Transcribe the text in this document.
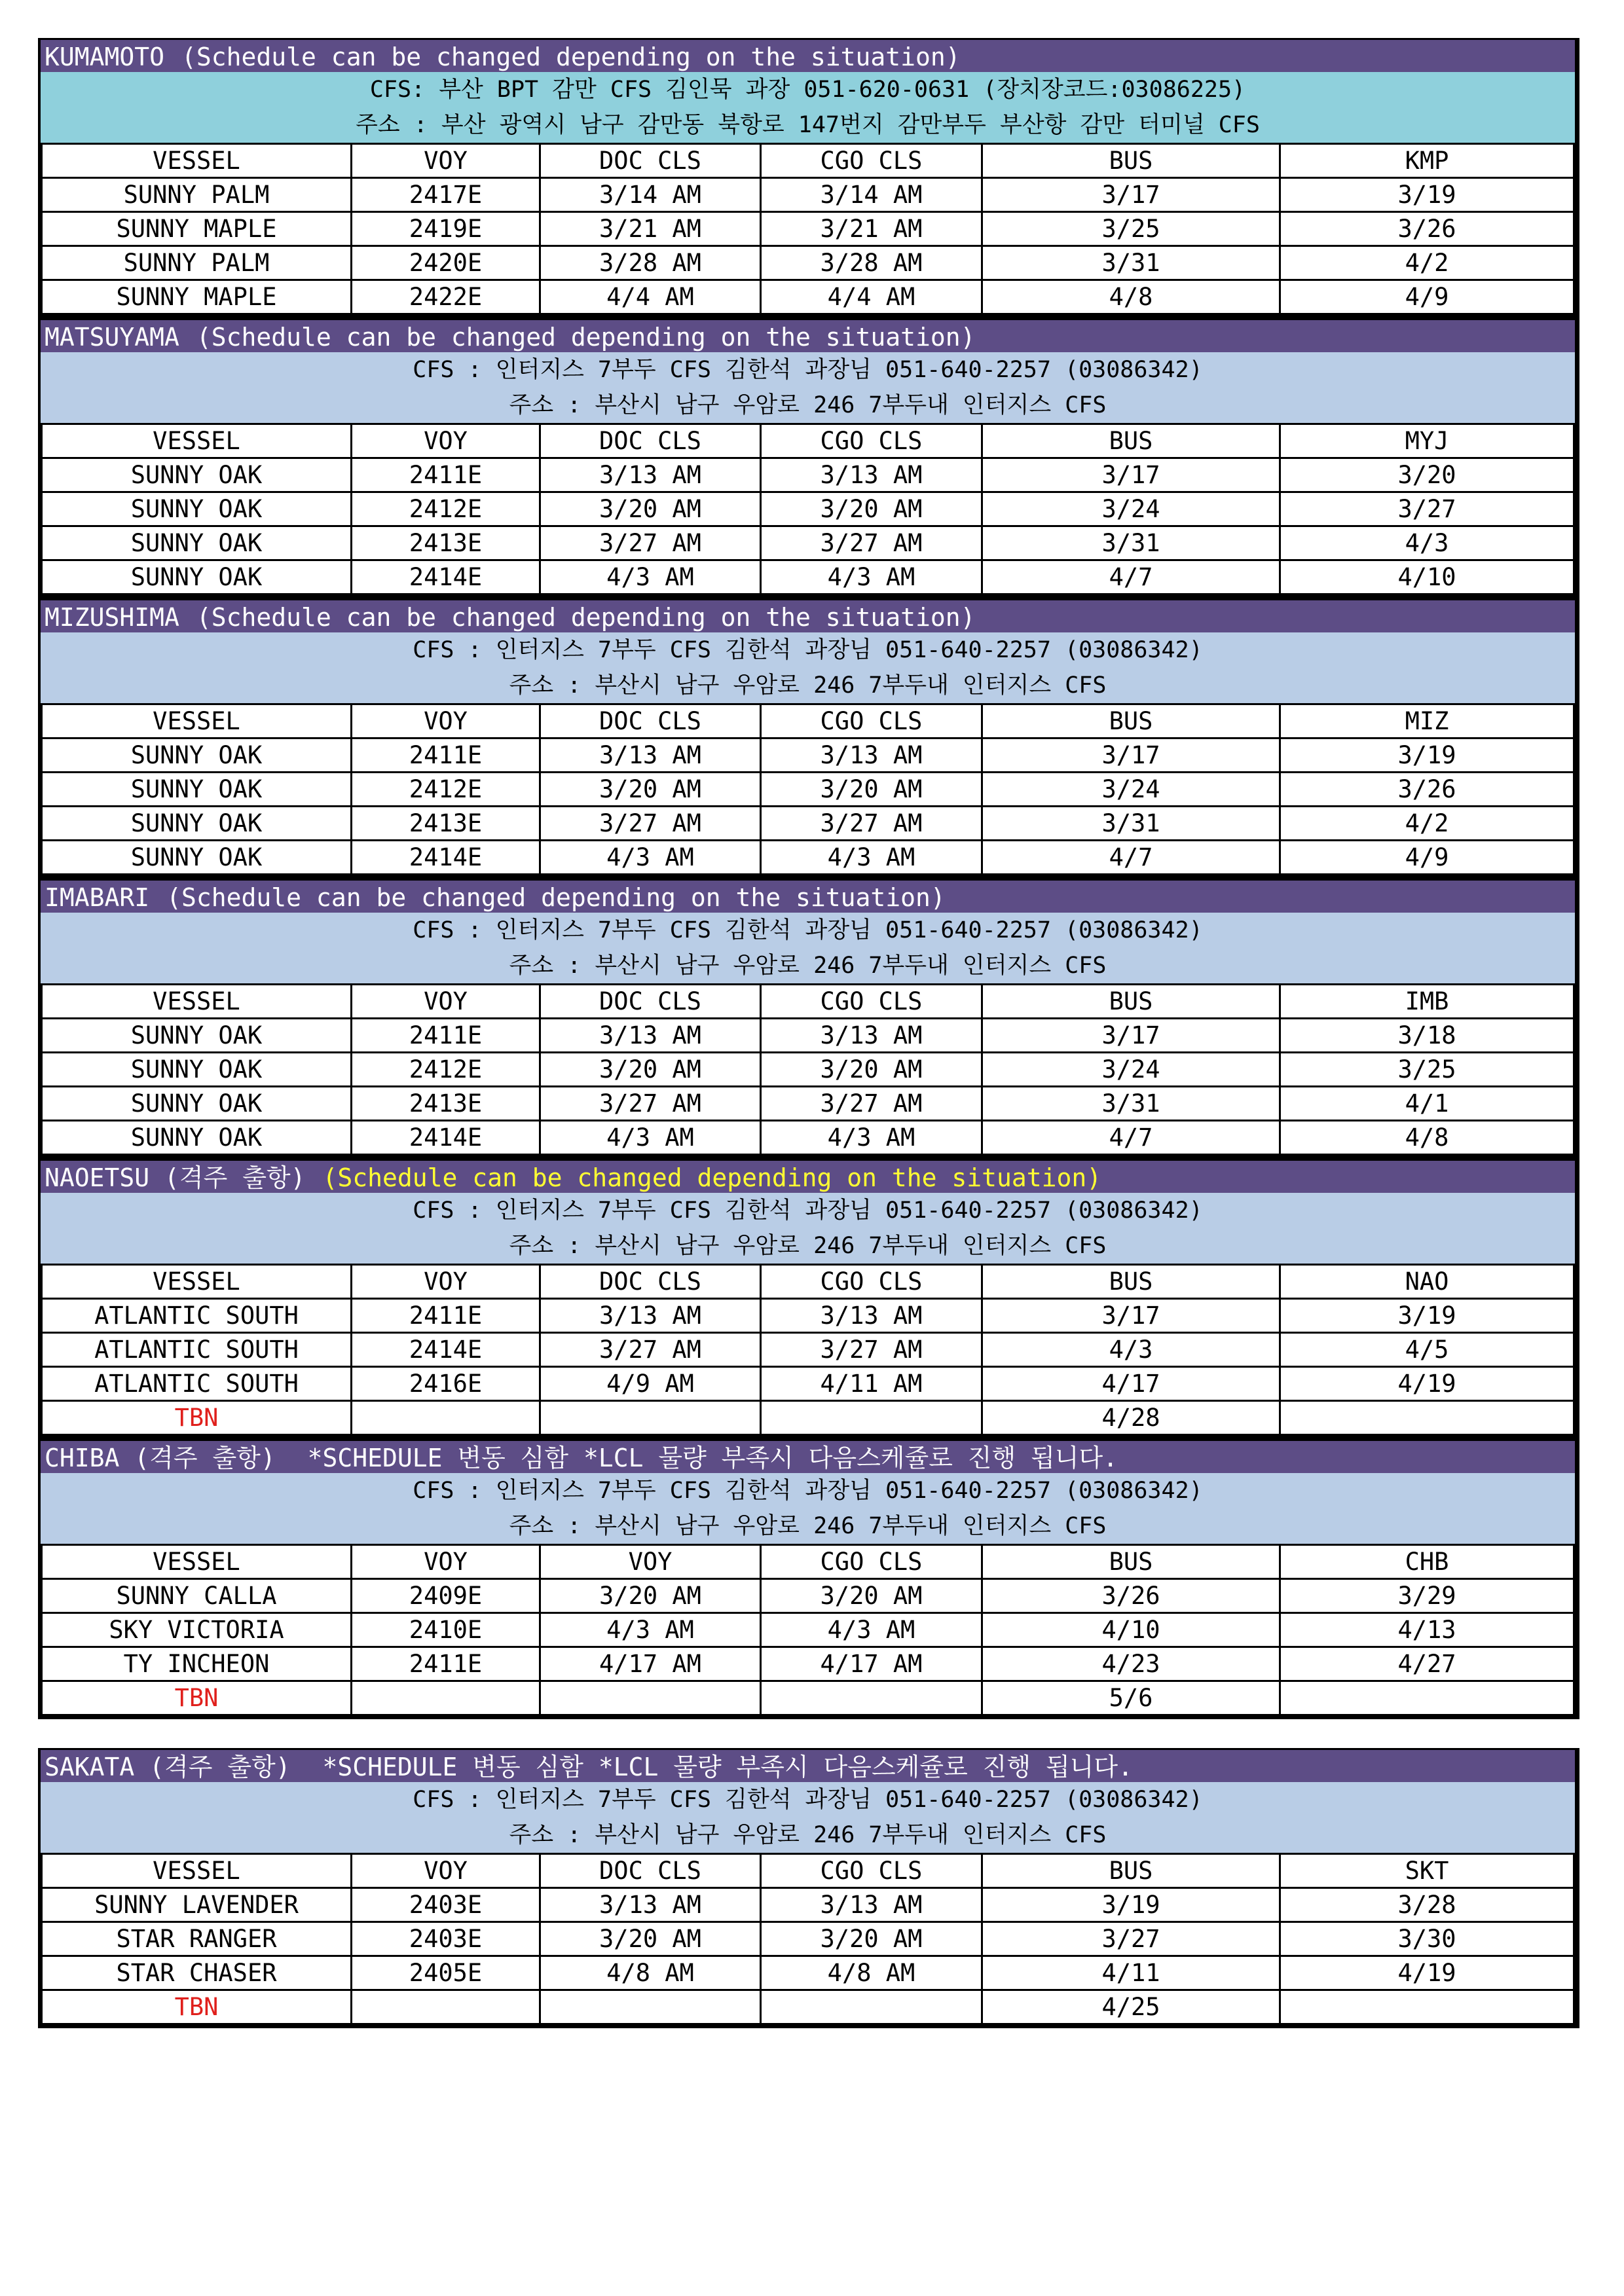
KUMAMOTO (Schedule can be changed depending on the situation)
CFS: 부산 BPT 감만 CFS 김인묵 과장 051-620-0631 (장치장코드:03086225)
주소 : 부산 광역시 남구 감만동 북항로 147번지 감만부두 부산항 감만 터미널 CFS
VESSEL	VOY	DOC CLS	CGO CLS	BUS	KMP
SUNNY PALM	2417E	3/14 AM	3/14 AM	3/17	3/19
SUNNY MAPLE	2419E	3/21 AM	3/21 AM	3/25	3/26
SUNNY PALM	2420E	3/28 AM	3/28 AM	3/31	4/2
SUNNY MAPLE	2422E	4/4 AM	4/4 AM	4/8	4/9
MATSUYAMA (Schedule can be changed depending on the situation)
CFS : 인터지스 7부두 CFS 김한석 과장님 051-640-2257 (03086342)
주소 : 부산시 남구 우암로 246 7부두내 인터지스 CFS
VESSEL	VOY	DOC CLS	CGO CLS	BUS	MYJ
SUNNY OAK	2411E	3/13 AM	3/13 AM	3/17	3/20
SUNNY OAK	2412E	3/20 AM	3/20 AM	3/24	3/27
SUNNY OAK	2413E	3/27 AM	3/27 AM	3/31	4/3
SUNNY OAK	2414E	4/3 AM	4/3 AM	4/7	4/10
MIZUSHIMA (Schedule can be changed depending on the situation)
CFS : 인터지스 7부두 CFS 김한석 과장님 051-640-2257 (03086342)
주소 : 부산시 남구 우암로 246 7부두내 인터지스 CFS
VESSEL	VOY	DOC CLS	CGO CLS	BUS	MIZ
SUNNY OAK	2411E	3/13 AM	3/13 AM	3/17	3/19
SUNNY OAK	2412E	3/20 AM	3/20 AM	3/24	3/26
SUNNY OAK	2413E	3/27 AM	3/27 AM	3/31	4/2
SUNNY OAK	2414E	4/3 AM	4/3 AM	4/7	4/9
IMABARI (Schedule can be changed depending on the situation)
CFS : 인터지스 7부두 CFS 김한석 과장님 051-640-2257 (03086342)
주소 : 부산시 남구 우암로 246 7부두내 인터지스 CFS
VESSEL	VOY	DOC CLS	CGO CLS	BUS	IMB
SUNNY OAK	2411E	3/13 AM	3/13 AM	3/17	3/18
SUNNY OAK	2412E	3/20 AM	3/20 AM	3/24	3/25
SUNNY OAK	2413E	3/27 AM	3/27 AM	3/31	4/1
SUNNY OAK	2414E	4/3 AM	4/3 AM	4/7	4/8
NAOETSU (격주 출항) (Schedule can be changed depending on the situation)
CFS : 인터지스 7부두 CFS 김한석 과장님 051-640-2257 (03086342)
주소 : 부산시 남구 우암로 246 7부두내 인터지스 CFS
VESSEL	VOY	DOC CLS	CGO CLS	BUS	NAO
ATLANTIC SOUTH	2411E	3/13 AM	3/13 AM	3/17	3/19
ATLANTIC SOUTH	2414E	3/27 AM	3/27 AM	4/3	4/5
ATLANTIC SOUTH	2416E	4/9 AM	4/11 AM	4/17	4/19
TBN				4/28	
CHIBA (격주 출항) *SCHEDULE 변동 심함 *LCL 물량 부족시 다음스케쥴로 진행 됩니다.
CFS : 인터지스 7부두 CFS 김한석 과장님 051-640-2257 (03086342)
주소 : 부산시 남구 우암로 246 7부두내 인터지스 CFS
VESSEL	VOY	VOY	CGO CLS	BUS	CHB
SUNNY CALLA	2409E	3/20 AM	3/20 AM	3/26	3/29
SKY VICTORIA	2410E	4/3 AM	4/3 AM	4/10	4/13
TY INCHEON	2411E	4/17 AM	4/17 AM	4/23	4/27
TBN				5/6	
SAKATA (격주 출항) *SCHEDULE 변동 심함 *LCL 물량 부족시 다음스케쥴로 진행 됩니다.
CFS : 인터지스 7부두 CFS 김한석 과장님 051-640-2257 (03086342)
주소 : 부산시 남구 우암로 246 7부두내 인터지스 CFS
VESSEL	VOY	DOC CLS	CGO CLS	BUS	SKT
SUNNY LAVENDER	2403E	3/13 AM	3/13 AM	3/19	3/28
STAR RANGER	2403E	3/20 AM	3/20 AM	3/27	3/30
STAR CHASER	2405E	4/8 AM	4/8 AM	4/11	4/19
TBN				4/25	
